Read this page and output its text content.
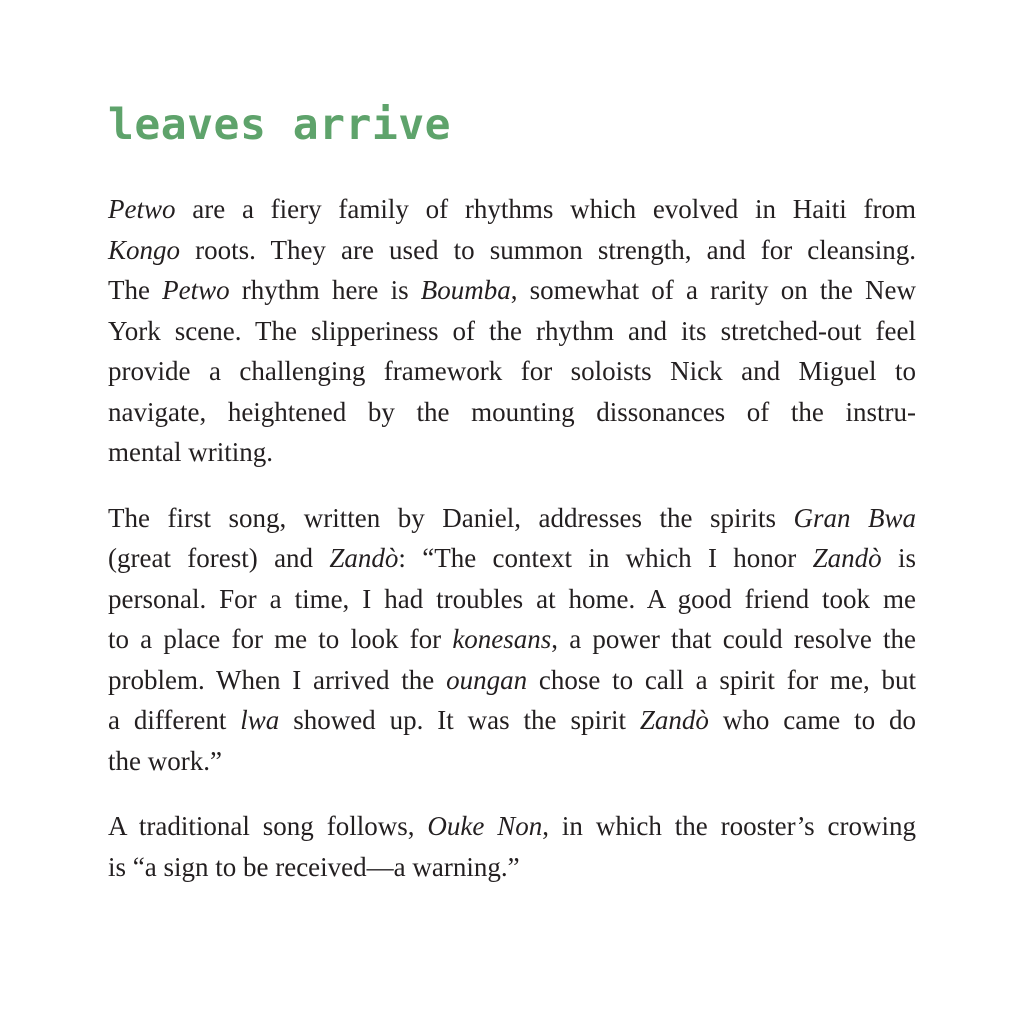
leaves arrive

Petwo are a fiery family of rhythms which evolved in Haiti from
Kongo roots. They are used to summon strength, and for cleansing.
The Petwo rhythm here is Boumba, somewhat of a rarity on the New
York scene. The slipperiness of the rhythm and its stretched-out feel
provide a challenging framework for soloists Nick and Miguel to
navigate, heightened by the mounting dissonances of the instru-
mental writing.

The first song, written by Daniel, addresses the spirits Gran Bwa
(great forest) and Zandò: “The context in which I honor Zandò is
personal. For a time, I had troubles at home. A good friend took me
to a place for me to look for konesans, a power that could resolve the
problem. When I arrived the oungan chose to call a spirit for me, but
a different lwa showed up. It was the spirit Zandò who came to do
the work.”

A traditional song follows, Ouke Non, in which the rooster’s crowing
is “a sign to be received—a warning.”
